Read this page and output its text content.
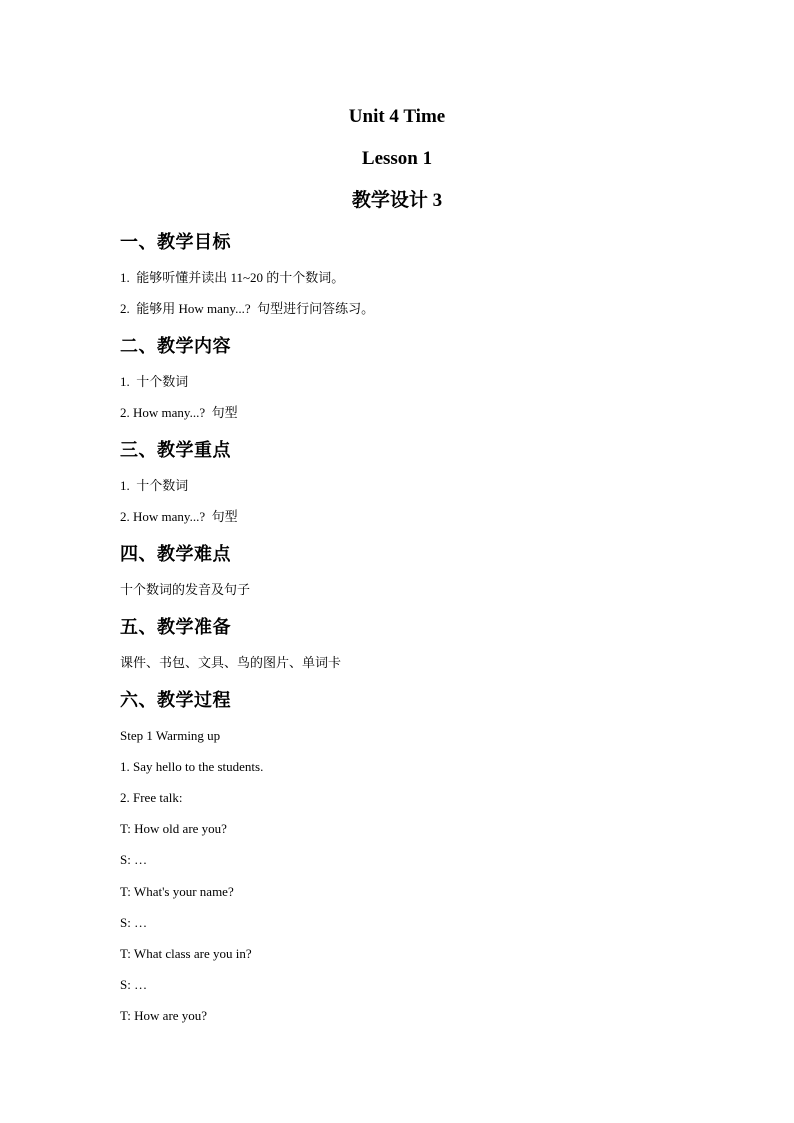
Unit 4 Time
Lesson 1
教学设计 3
一、教学目标

1.  能够听懂并读出 11~20 的十个数词。

2.  能够用 How many...?  句型进行问答练习。

二、教学内容

1.  十个数词

2. How many...?  句型

三、教学重点

1.  十个数词

2. How many...?  句型

四、教学难点

十个数词的发音及句子

五、教学准备

课件、书包、文具、鸟的图片、单词卡

六、教学过程

Step 1 Warming up

1. Say hello to the students.

2. Free talk:

T: How old are you?

S: …

T: What's your name?

S: …

T: What class are you in?

S: …

T: How are you?
